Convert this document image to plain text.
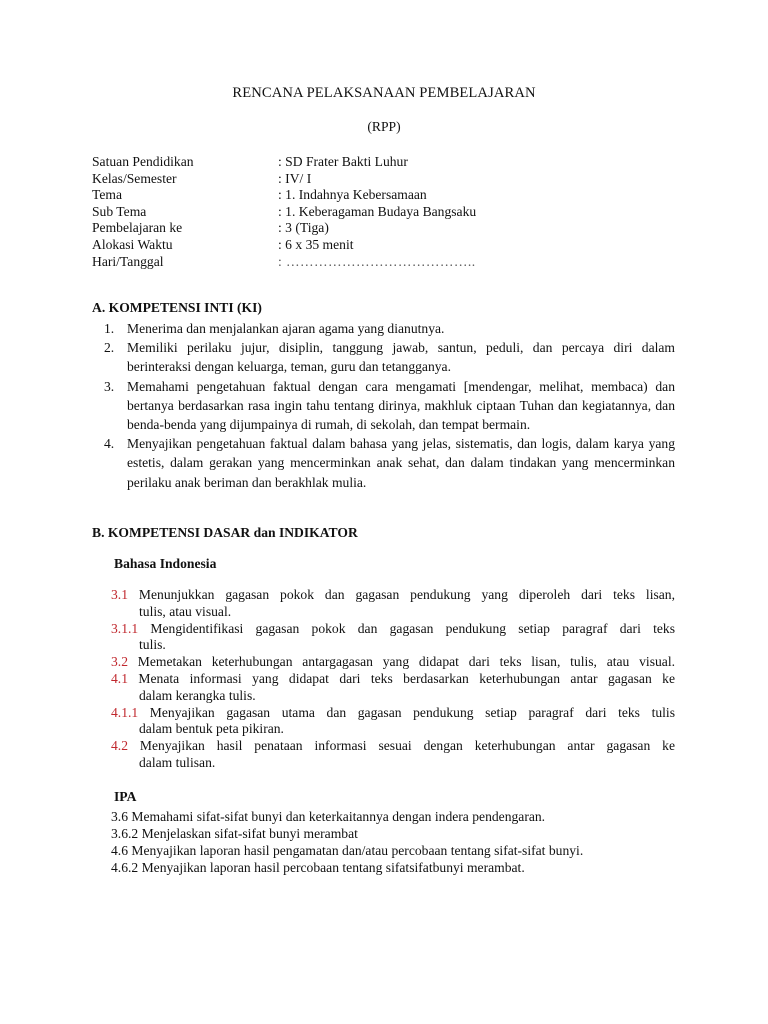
RENCANA PELAKSANAAN PEMBELAJARAN
(RPP)
Satuan Pendidikan	: SD Frater Bakti Luhur
Kelas/Semester	: IV/ I
Tema	: 1. Indahnya Kebersamaan
Sub Tema	: 1. Keberagaman Budaya Bangsaku
Pembelajaran ke	: 3 (Tiga)
Alokasi Waktu	: 6 x 35 menit
Hari/Tanggal	: …………………………………..
A. KOMPETENSI INTI (KI)
1. Menerima dan menjalankan ajaran agama yang dianutnya.
2. Memiliki perilaku jujur, disiplin, tanggung jawab, santun, peduli, dan percaya diri dalam berinteraksi dengan keluarga, teman, guru dan tetangganya.
3. Memahami pengetahuan faktual dengan cara mengamati [mendengar, melihat, membaca) dan bertanya berdasarkan rasa ingin tahu tentang dirinya, makhluk ciptaan Tuhan dan kegiatannya, dan benda-benda yang dijumpainya di rumah, di sekolah, dan tempat bermain.
4. Menyajikan pengetahuan faktual dalam bahasa yang jelas, sistematis, dan logis, dalam karya yang estetis, dalam gerakan yang mencerminkan anak sehat, dan dalam tindakan yang mencerminkan perilaku anak beriman dan berakhlak mulia.
B. KOMPETENSI DASAR dan INDIKATOR
Bahasa Indonesia
3.1 Menunjukkan gagasan pokok dan gagasan pendukung yang diperoleh dari teks lisan,
tulis, atau visual.
3.1.1 Mengidentifikasi gagasan pokok dan gagasan pendukung setiap paragraf dari teks
tulis.
3.2 Memetakan keterhubungan antargagasan yang didapat dari teks lisan, tulis, atau visual.
4.1 Menata informasi yang didapat dari teks berdasarkan keterhubungan antar gagasan ke
dalam kerangka tulis.
4.1.1 Menyajikan gagasan utama dan gagasan pendukung setiap paragraf dari teks tulis
dalam bentuk peta pikiran.
4.2 Menyajikan hasil penataan informasi sesuai dengan keterhubungan antar gagasan ke
dalam tulisan.
IPA
3.6 Memahami sifat-sifat bunyi dan keterkaitannya dengan indera pendengaran.
3.6.2 Menjelaskan sifat-sifat bunyi merambat
4.6 Menyajikan laporan hasil pengamatan dan/atau percobaan tentang sifat-sifat bunyi.
4.6.2 Menyajikan laporan hasil percobaan tentang sifatsifatbunyi merambat.
